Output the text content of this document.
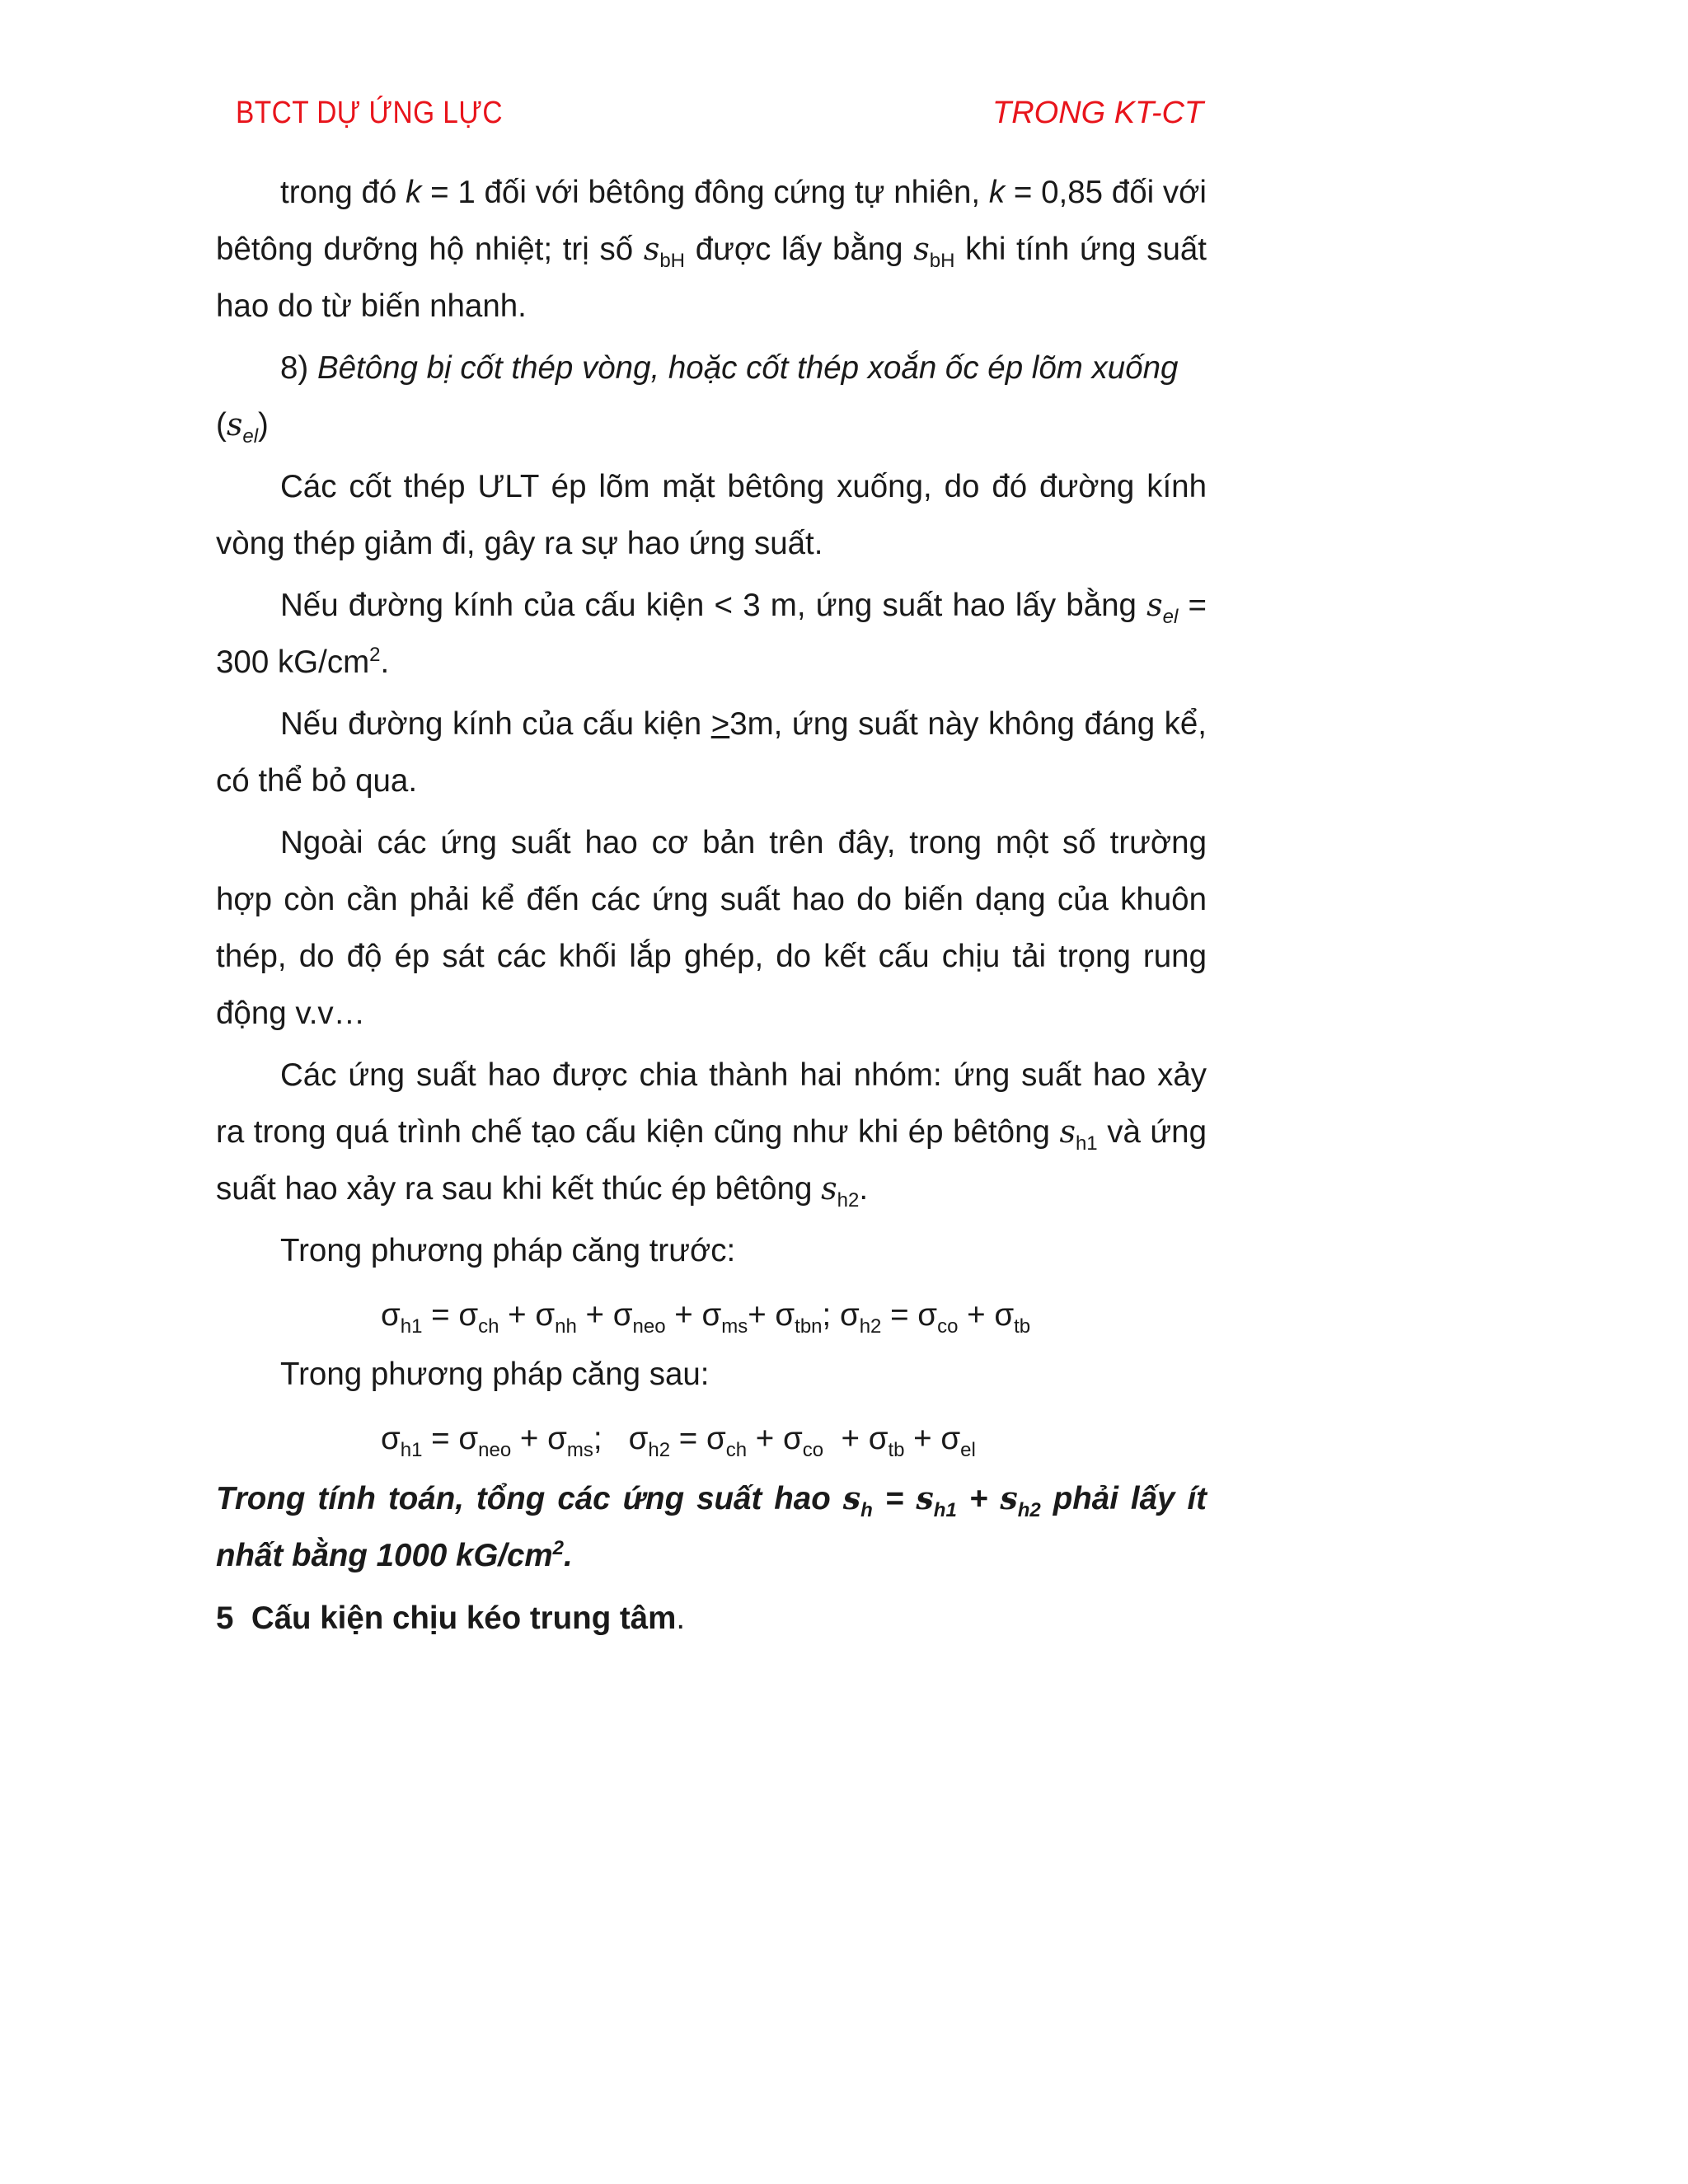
BTCT DỰ ỨNG LỰC	TRONG KT-CT

trong đó k = 1 đối với bêtông đông cứng tự nhiên, k = 0,85 đối với bêtông dưỡng hộ nhiệt; trị số $s_{bH}$ được lấy bằng $s_{bH}$ khi tính ứng suất hao do từ biến nhanh.

8) Bêtông bị cốt thép vòng, hoặc cốt thép xoắn ốc ép lõm xuống
$(s_{el})$

Các cốt thép ƯLT ép lõm mặt bêtông xuống, do đó đường kính vòng thép giảm đi, gây ra sự hao ứng suất.

Nếu đường kính của cấu kiện < 3 m, ứng suất hao lấy bằng $s_{el} = 300$ $kG/cm^2$.

Nếu đường kính của cấu kiện ≥3m, ứng suất này không đáng kể, có thể bỏ qua.

Ngoài các ứng suất hao cơ bản trên đây, trong một số trường hợp còn cần phải kể đến các ứng suất hao do biến dạng của khuôn thép, do độ ép sát các khối lắp ghép, do kết cấu chịu tải trọng rung động v.v…

Các ứng suất hao được chia thành hai nhóm: ứng suất hao xảy ra trong quá trình chế tạo cấu kiện cũng như khi ép bêtông $s_{h1}$ và ứng suất hao xảy ra sau khi kết thúc ép bêtông $s_{h2}$.

Trong phương pháp căng trước:

$\sigma_{h1} = \sigma_{ch} + \sigma_{nh} + \sigma_{neo} + \sigma_{ms}+ \sigma_{tbn}$; $\sigma_{h2} = \sigma_{co} + \sigma_{tb}$

Trong phương pháp căng sau:

$\sigma_{h1} = \sigma_{neo} + \sigma_{ms}$;   $\sigma_{h2} = \sigma_{ch} + \sigma_{co} + \sigma_{tb} + \sigma_{el}$

Trong tính toán, tổng các ứng suất hao $s_h = s_{h1} + s_{h2}$ phải lấy ít nhất bằng 1000 $kG/cm^2$.

5  Cấu kiện chịu kéo trung tâm.
